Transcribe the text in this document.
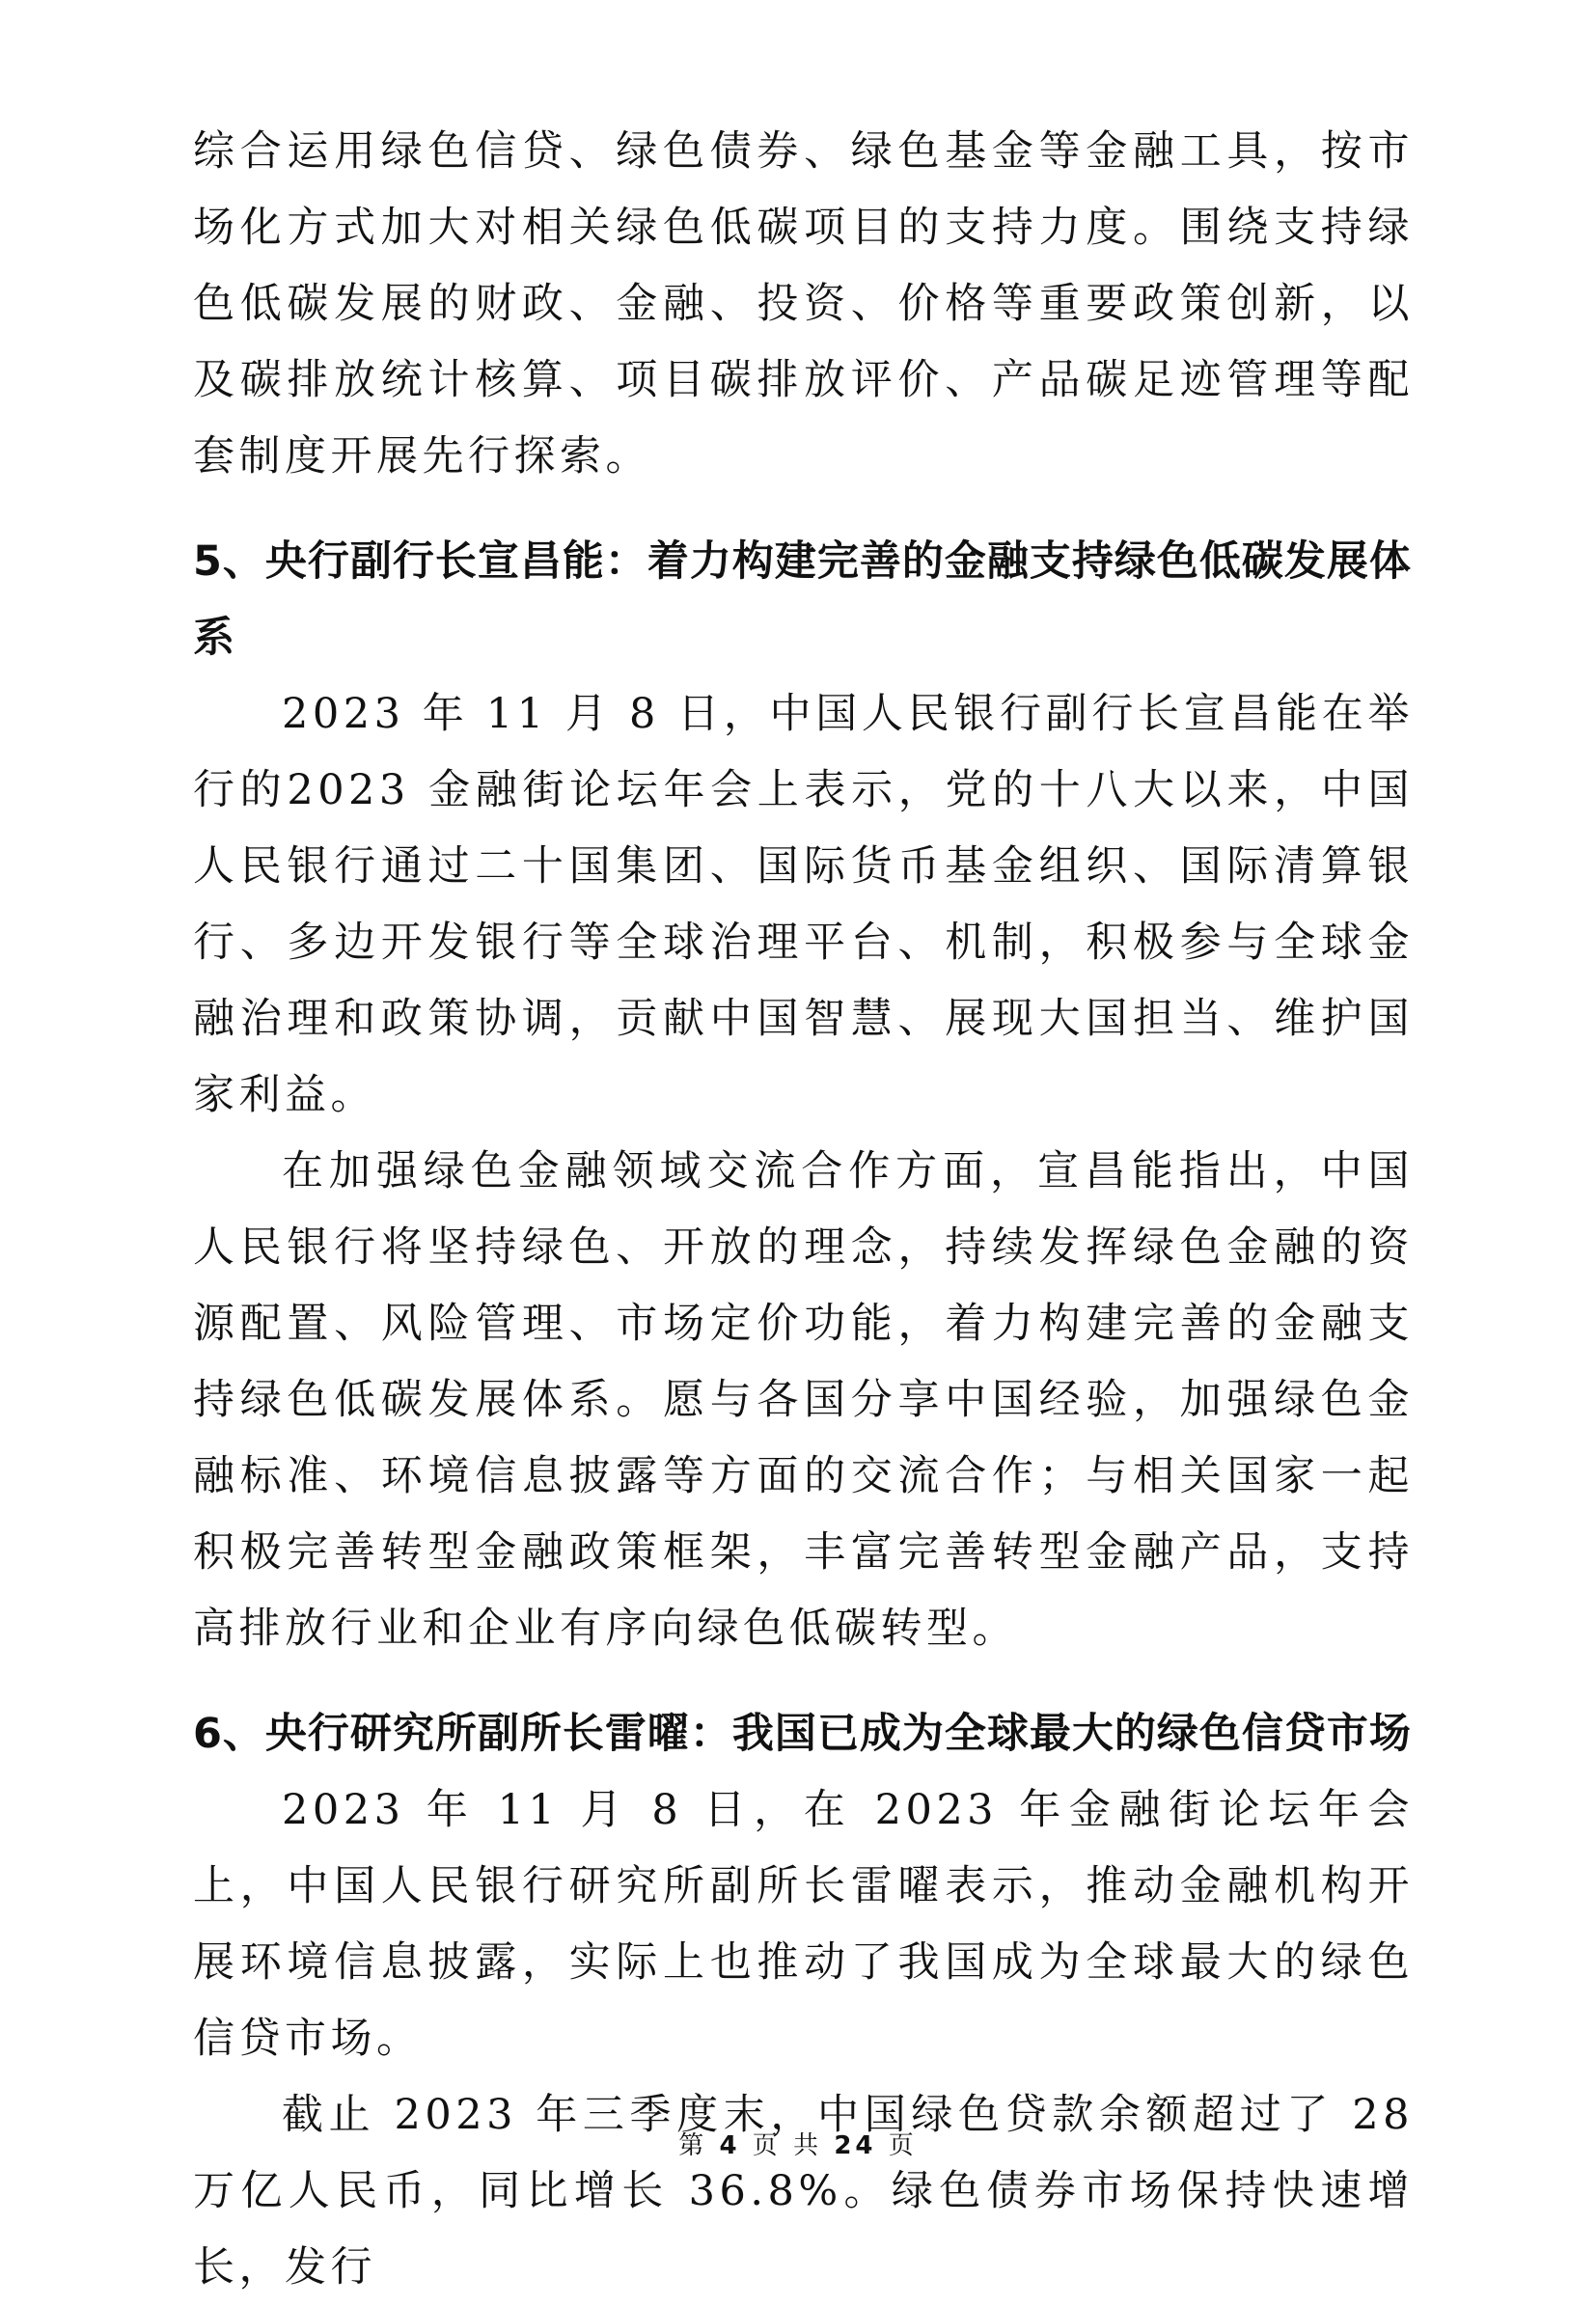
综合运用绿色信贷、绿色债券、绿色基金等金融工具，按市场化方式加大对相关绿色低碳项目的支持力度。围绕支持绿色低碳发展的财政、金融、投资、价格等重要政策创新，以及碳排放统计核算、项目碳排放评价、产品碳足迹管理等配套制度开展先行探索。

5、央行副行长宣昌能：着力构建完善的金融支持绿色低碳发展体系

2023 年 11 月 8 日，中国人民银行副行长宣昌能在举行的2023 金融街论坛年会上表示，党的十八大以来，中国人民银行通过二十国集团、国际货币基金组织、国际清算银行、多边开发银行等全球治理平台、机制，积极参与全球金融治理和政策协调，贡献中国智慧、展现大国担当、维护国家利益。

在加强绿色金融领域交流合作方面，宣昌能指出，中国人民银行将坚持绿色、开放的理念，持续发挥绿色金融的资源配置、风险管理、市场定价功能，着力构建完善的金融支持绿色低碳发展体系。愿与各国分享中国经验，加强绿色金融标准、环境信息披露等方面的交流合作；与相关国家一起积极完善转型金融政策框架，丰富完善转型金融产品，支持高排放行业和企业有序向绿色低碳转型。

6、央行研究所副所长雷曜：我国已成为全球最大的绿色信贷市场

2023 年 11 月 8 日，在 2023 年金融街论坛年会上，中国人民银行研究所副所长雷曜表示，推动金融机构开展环境信息披露，实际上也推动了我国成为全球最大的绿色信贷市场。

截止 2023 年三季度末，中国绿色贷款余额超过了 28 万亿人民币，同比增长 36.8%。绿色债券市场保持快速增长，发行

第 4 页 共 24 页
